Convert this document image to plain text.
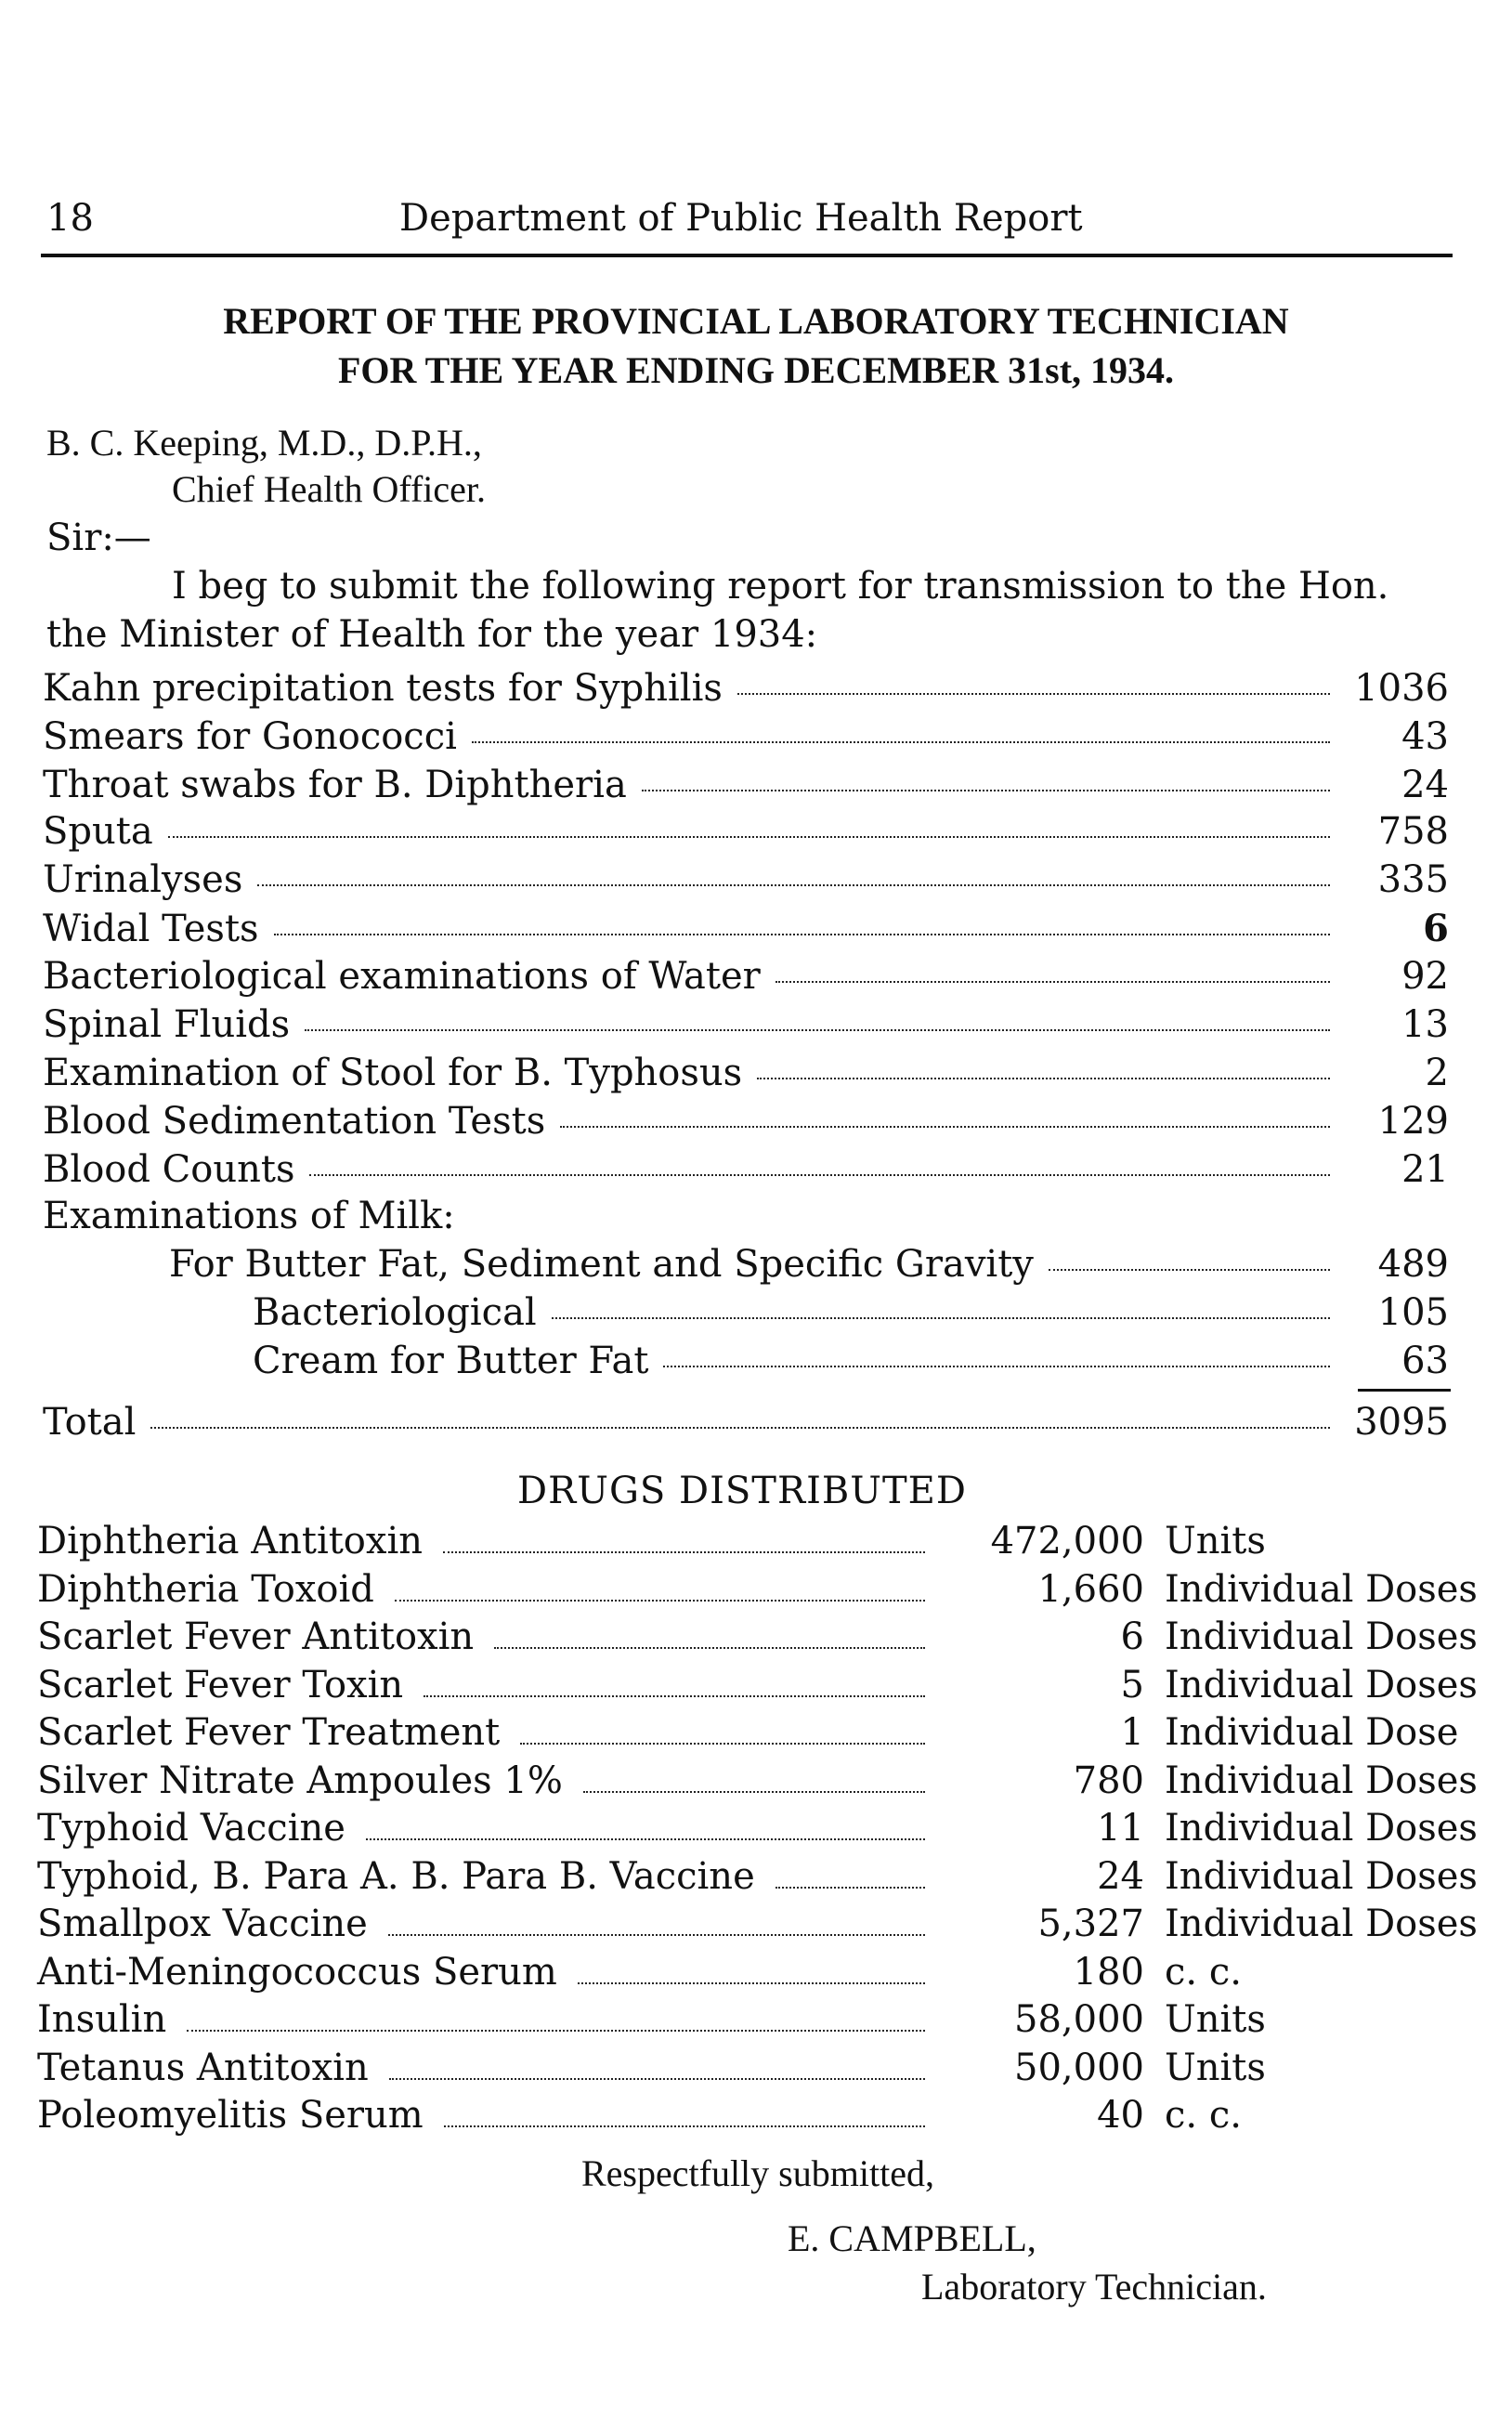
18	Department of Public Health Report
REPORT OF THE PROVINCIAL LABORATORY TECHNICIAN
FOR THE YEAR ENDING DECEMBER 31st, 1934.
B. C. Keeping, M.D., D.P.H.,
Chief Health Officer.
Sir:—
I beg to submit the following report for transmission to the Hon.
the Minister of Health for the year 1934:
Kahn precipitation tests for Syphilis	1036
Smears for Gonococci	43
Throat swabs for B. Diphtheria	24
Sputa	758
Urinalyses	335
Widal Tests	6
Bacteriological examinations of Water	92
Spinal Fluids	13
Examination of Stool for B. Typhosus	2
Blood Sedimentation Tests	129
Blood Counts	21
Examinations of Milk:
For Butter Fat, Sediment and Specific Gravity	489
Bacteriological	105
Cream for Butter Fat	63
Total	3095
DRUGS DISTRIBUTED
Diphtheria Antitoxin	472,000 Units
Diphtheria Toxoid	1,660 Individual Doses
Scarlet Fever Antitoxin	6 Individual Doses
Scarlet Fever Toxin	5 Individual Doses
Scarlet Fever Treatment	1 Individual Dose
Silver Nitrate Ampoules 1%	780 Individual Doses
Typhoid Vaccine	11 Individual Doses
Typhoid, B. Para A. B. Para B. Vaccine	24 Individual Doses
Smallpox Vaccine	5,327 Individual Doses
Anti-Meningococcus Serum	180 c. c.
Insulin	58,000 Units
Tetanus Antitoxin	50,000 Units
Poleomyelitis Serum	40 c. c.
Respectfully submitted,
E. CAMPBELL,
Laboratory Technician.
